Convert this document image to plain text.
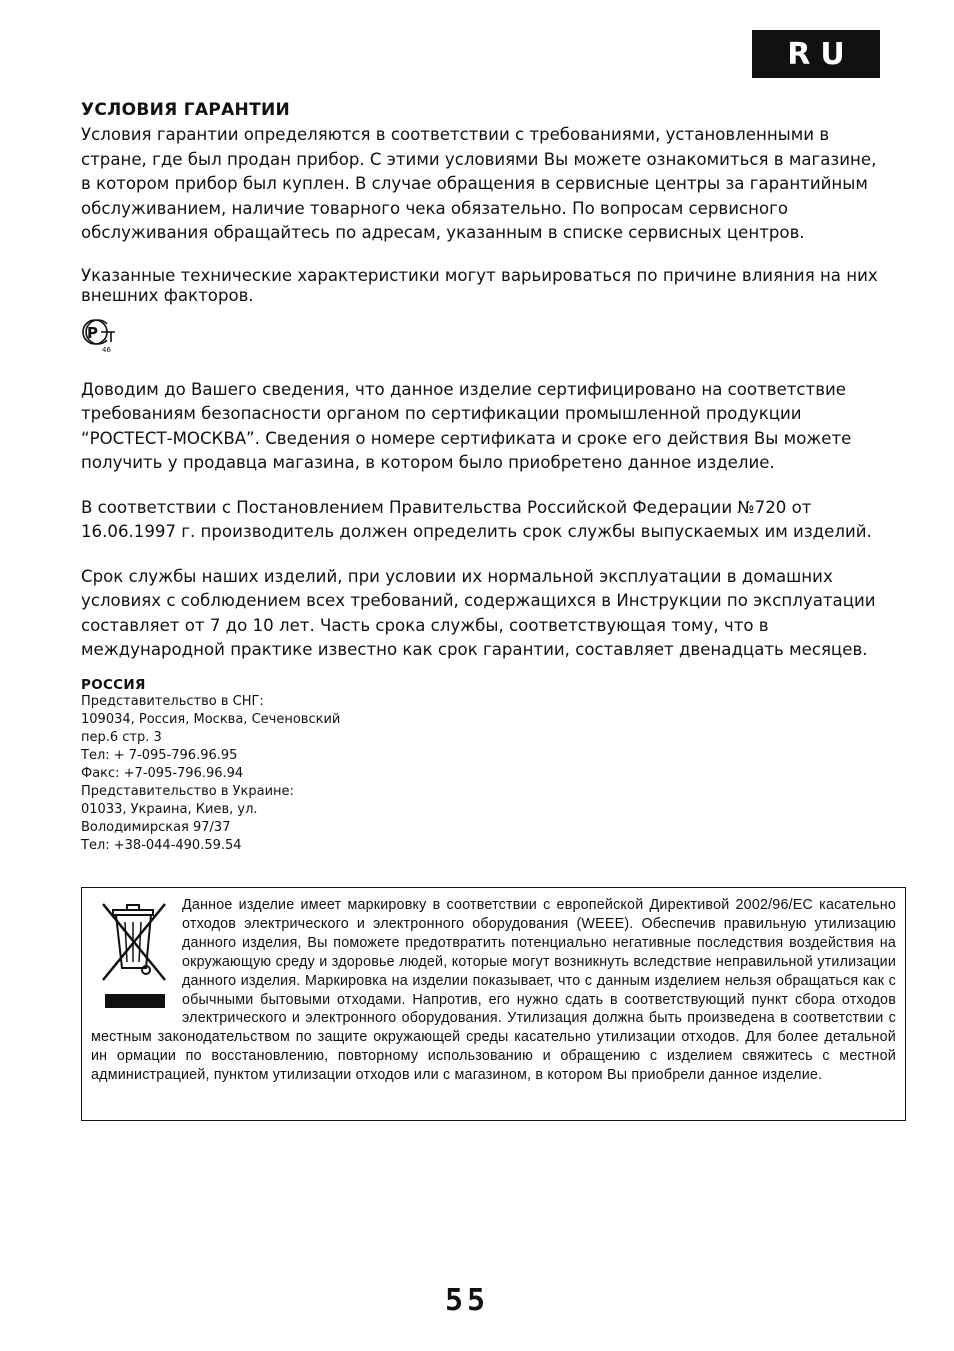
RU
УСЛОВИЯ ГАРАНТИИ

Условия гарантии определяются в соответствии с требованиями, установленными в стране, где был продан прибор. С этими условиями Вы можете ознакомиться в магазине, в котором прибор был куплен. В случае обращения в сервисные центры за гарантийным обслуживанием, наличие товарного чека обязательно. По вопросам сервисного обслуживания обращайтесь по адресам, указанным в списке сервисных центров.

Указанные технические характеристики могут варьироваться по причине влияния на них внешних факторов.

Р
46

Доводим до Вашего сведения, что данное изделие сертифицировано на соответствие требованиям безопасности органом по сертификации промышленной продукции “РОСТЕСТ-МОСКВА”. Сведения о номере сертификата и сроке его действия Вы можете получить у продавца магазина, в котором было приобретено данное изделие.

В соответствии с Постановлением Правительства Российской Федерации №720 от 16.06.1997 г. производитель должен определить срок службы выпускаемых им изделий.

Срок службы наших изделий, при условии их нормальной эксплуатации в домашних условиях с соблюдением всех требований, содержащихся в Инструкции по эксплуатации составляет от 7 до 10 лет. Часть срока службы, соответствующая тому, что в международной практике известно как срок гарантии, составляет двенадцать месяцев.

РОССИЯ
Представительство в СНГ:
109034, Россия, Москва, Сеченовский
пер.6 стр. 3
Тел: + 7-095-796.96.95
Факс: +7-095-796.96.94
Представительство в Украине:
01033, Украина, Киев, ул.
Володимирская 97/37
Тел: +38-044-490.59.54

Данное изделие имеет маркировку в соответствии с европейской Директивой 2002/96/EC касательно отходов электрического и электронного оборудования (WEEE). Обеспечив правильную утилизацию данного изделия, Вы поможете предотвратить потенциально негативные последствия воздействия на окружающую среду и здоровье людей, которые могут возникнуть вследствие неправильной утилизации данного изделия. Маркировка на изделии показывает, что с данным изделием нельзя обращаться как с обычными бытовыми отходами. Напротив, его нужно сдать в соответствующий пункт сбора отходов электрического и электронного оборудования. Утилизация должна быть произведена в соответствии с местным законодательством по защите окружающей среды касательно утилизации отходов. Для более детальной ин ормации по восстановлению, повторному использованию и обращению с изделием свяжитесь с местной администрацией, пунктом утилизации отходов или с магазином, в котором Вы приобрели данное изделие.

55
